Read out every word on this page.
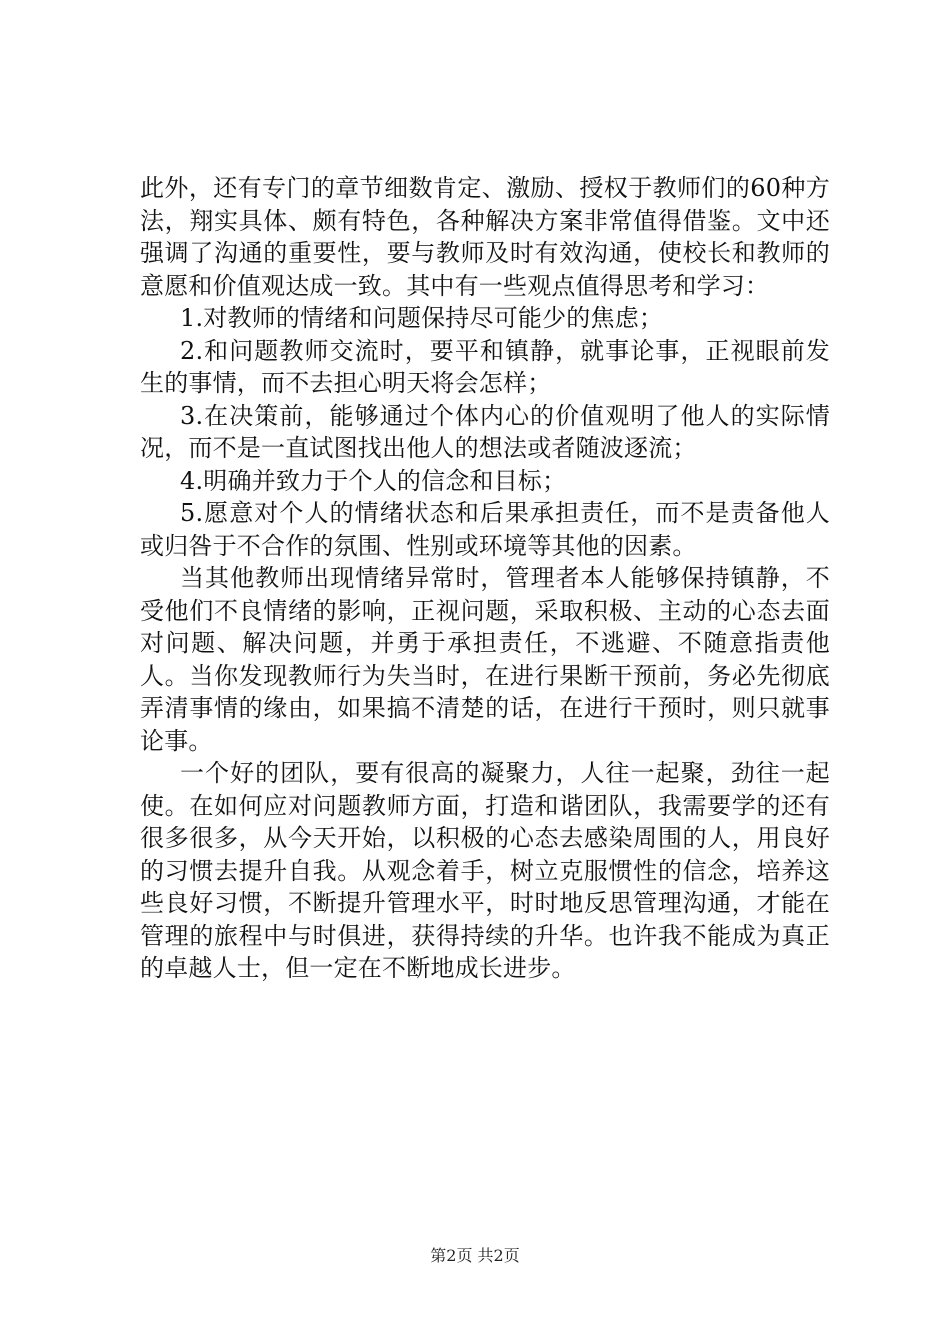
此外，还有专门的章节细数肯定、激励、授权于教师们的60种方法，翔实具体、颇有特色，各种解决方案非常值得借鉴。文中还强调了沟通的重要性，要与教师及时有效沟通，使校长和教师的意愿和价值观达成一致。其中有一些观点值得思考和学习：

1.对教师的情绪和问题保持尽可能少的焦虑；

2.和问题教师交流时，要平和镇静，就事论事，正视眼前发生的事情，而不去担心明天将会怎样；

3.在决策前，能够通过个体内心的价值观明了他人的实际情况，而不是一直试图找出他人的想法或者随波逐流；

4.明确并致力于个人的信念和目标；

5.愿意对个人的情绪状态和后果承担责任，而不是责备他人或归咎于不合作的氛围、性别或环境等其他的因素。

当其他教师出现情绪异常时，管理者本人能够保持镇静，不受他们不良情绪的影响，正视问题，采取积极、主动的心态去面对问题、解决问题，并勇于承担责任，不逃避、不随意指责他人。当你发现教师行为失当时，在进行果断干预前，务必先彻底弄清事情的缘由，如果搞不清楚的话，在进行干预时，则只就事论事。

一个好的团队，要有很高的凝聚力，人往一起聚，劲往一起使。在如何应对问题教师方面，打造和谐团队，我需要学的还有很多很多，从今天开始，以积极的心态去感染周围的人，用良好的习惯去提升自我。从观念着手，树立克服惯性的信念，培养这些良好习惯，不断提升管理水平，时时地反思管理沟通，才能在管理的旅程中与时俱进，获得持续的升华。也许我不能成为真正的卓越人士，但一定在不断地成长进步。

第2页 共2页
